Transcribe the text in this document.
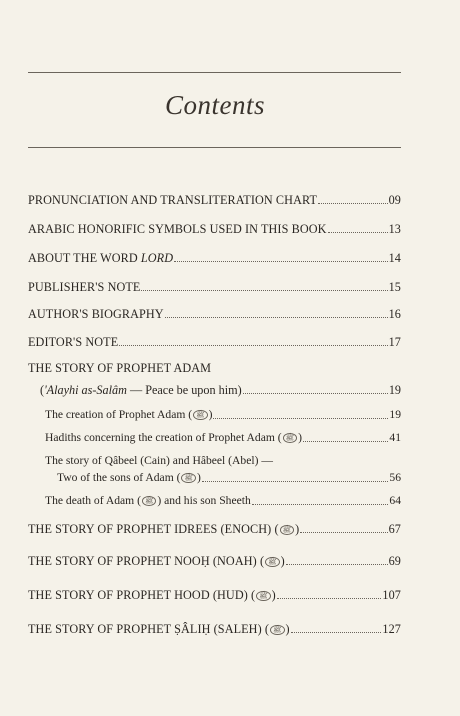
Contents
PRONUNCIATION AND TRANSLITERATION CHART	09
ARABIC HONORIFIC SYMBOLS USED IN THIS BOOK	13
ABOUT THE WORD LORD	14
PUBLISHER'S NOTE	15
AUTHOR'S BIOGRAPHY	16
EDITOR'S NOTE	17
THE STORY OF PROPHET ADAM
('Alayhi as-Salâm — Peace be upon him)	19
The creation of Prophet Adam ( ﷺ )	19
Hadiths concerning the creation of Prophet Adam ( ﷺ )	41
The story of Qâbeel (Cain) and Hâbeel (Abel) —
Two of the sons of Adam ( ﷺ )	56
The death of Adam ( ﷺ ) and his son Sheeth	64
THE STORY OF PROPHET IDREES (ENOCH) ( ﷺ )	67
THE STORY OF PROPHET NOOḤ (NOAH) ( ﷺ )	69
THE STORY OF PROPHET HOOD (HUD) ( ﷺ )	107
THE STORY OF PROPHET ṢÂLIḤ (SALEH) ( ﷺ )	127
